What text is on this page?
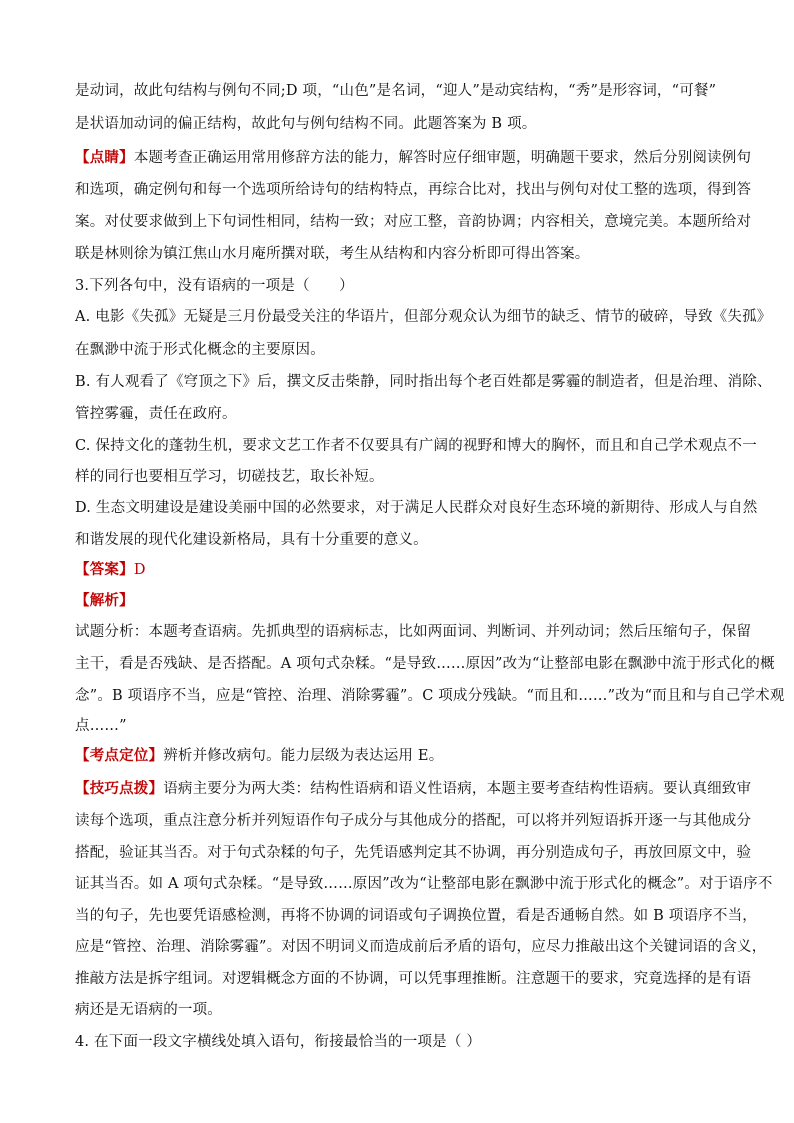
是动词，故此句结构与例句不同;D 项，“山色”是名词，“迎人”是动宾结构，“秀”是形容词，“可餐”
是状语加动词的偏正结构，故此句与例句结构不同。此题答案为 B 项。
【点睛】本题考查正确运用常用修辞方法的能力，解答时应仔细审题，明确题干要求，然后分别阅读例句
和选项，确定例句和每一个选项所给诗句的结构特点，再综合比对，找出与例句对仗工整的选项，得到答
案。对仗要求做到上下句词性相同，结构一致；对应工整，音韵协调；内容相关，意境完美。本题所给对
联是林则徐为镇江焦山水月庵所撰对联，考生从结构和内容分析即可得出答案。
3.下列各句中，没有语病的一项是（　　）
A. 电影《失孤》无疑是三月份最受关注的华语片，但部分观众认为细节的缺乏、情节的破碎，导致《失孤》
在飘渺中流于形式化概念的主要原因。
B. 有人观看了《穹顶之下》后，撰文反击柴静，同时指出每个老百姓都是雾霾的制造者，但是治理、消除、
管控雾霾，责任在政府。
C. 保持文化的蓬勃生机，要求文艺工作者不仅要具有广阔的视野和博大的胸怀，而且和自己学术观点不一
样的同行也要相互学习，切磋技艺，取长补短。
D. 生态文明建设是建设美丽中国的必然要求，对于满足人民群众对良好生态环境的新期待、形成人与自然
和谐发展的现代化建设新格局，具有十分重要的意义。
【答案】D
【解析】
试题分析：本题考查语病。先抓典型的语病标志，比如两面词、判断词、并列动词；然后压缩句子，保留
主干，看是否残缺、是否搭配。A 项句式杂糅。“是导致……原因”改为“让整部电影在飘渺中流于形式化的概
念”。B 项语序不当，应是“管控、治理、消除雾霾”。C 项成分残缺。“而且和……”改为“而且和与自己学术观
点……”
【考点定位】辨析并修改病句。能力层级为表达运用 E。
【技巧点拨】语病主要分为两大类：结构性语病和语义性语病，本题主要考查结构性语病。要认真细致审
读每个选项，重点注意分析并列短语作句子成分与其他成分的搭配，可以将并列短语拆开逐一与其他成分
搭配，验证其当否。对于句式杂糅的句子，先凭语感判定其不协调，再分别造成句子，再放回原文中，验
证其当否。如 A 项句式杂糅。“是导致……原因”改为“让整部电影在飘渺中流于形式化的概念”。对于语序不
当的句子，先也要凭语感检测，再将不协调的词语或句子调换位置，看是否通畅自然。如 B 项语序不当，
应是“管控、治理、消除雾霾”。对因不明词义而造成前后矛盾的语句，应尽力推敲出这个关键词语的含义，
推敲方法是拆字组词。对逻辑概念方面的不协调，可以凭事理推断。注意题干的要求，究竟选择的是有语
病还是无语病的一项。
4. 在下面一段文字横线处填入语句，衔接最恰当的一项是（ ）
